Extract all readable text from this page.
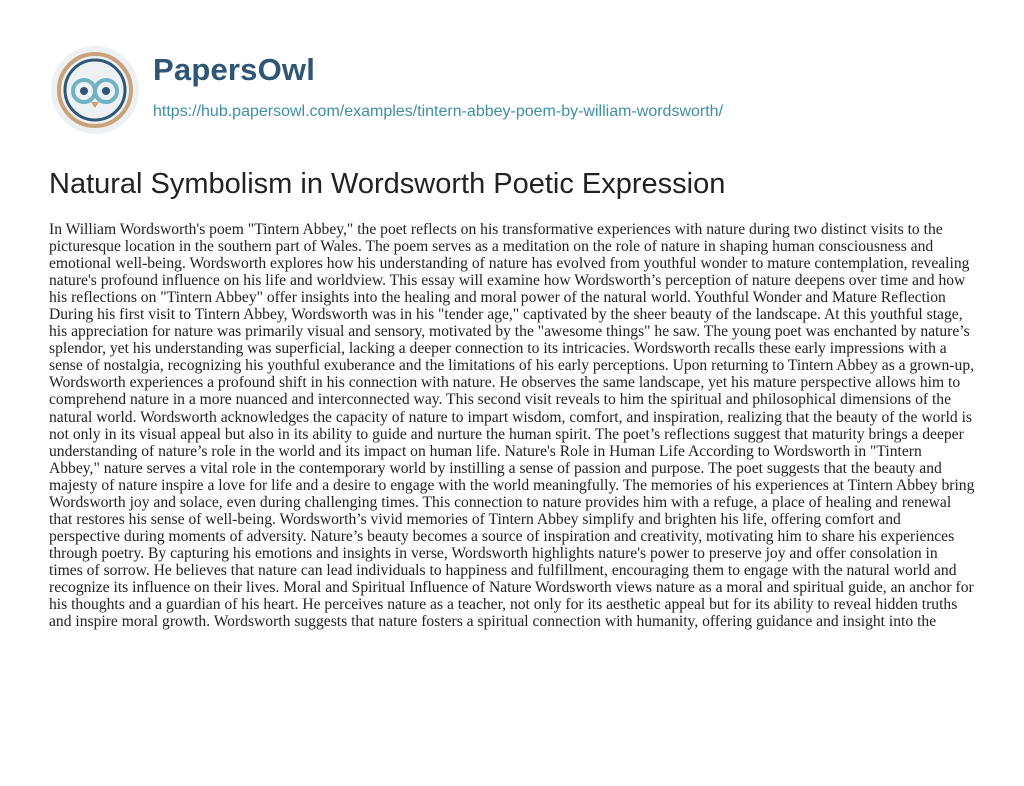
PapersOwl
https://hub.papersowl.com/examples/tintern-abbey-poem-by-william-wordsworth/
Natural Symbolism in Wordsworth Poetic Expression

In William Wordsworth's poem "Tintern Abbey," the poet reflects on his transformative experiences with nature during two distinct visits to the picturesque location in the southern part of Wales. The poem serves as a meditation on the role of nature in shaping human consciousness and emotional well-being. Wordsworth explores how his understanding of nature has evolved from youthful wonder to mature contemplation, revealing nature's profound influence on his life and worldview. This essay will examine how Wordsworth’s perception of nature deepens over time and how his reflections on "Tintern Abbey" offer insights into the healing and moral power of the natural world. Youthful Wonder and Mature Reflection During his first visit to Tintern Abbey, Wordsworth was in his "tender age," captivated by the sheer beauty of the landscape. At this youthful stage, his appreciation for nature was primarily visual and sensory, motivated by the "awesome things" he saw. The young poet was enchanted by nature’s splendor, yet his understanding was superficial, lacking a deeper connection to its intricacies. Wordsworth recalls these early impressions with a sense of nostalgia, recognizing his youthful exuberance and the limitations of his early perceptions. Upon returning to Tintern Abbey as a grown-up, Wordsworth experiences a profound shift in his connection with nature. He observes the same landscape, yet his mature perspective allows him to comprehend nature in a more nuanced and interconnected way. This second visit reveals to him the spiritual and philosophical dimensions of the natural world. Wordsworth acknowledges the capacity of nature to impart wisdom, comfort, and inspiration, realizing that the beauty of the world is not only in its visual appeal but also in its ability to guide and nurture the human spirit. The poet’s reflections suggest that maturity brings a deeper understanding of nature’s role in the world and its impact on human life. Nature's Role in Human Life According to Wordsworth in "Tintern Abbey," nature serves a vital role in the contemporary world by instilling a sense of passion and purpose. The poet suggests that the beauty and majesty of nature inspire a love for life and a desire to engage with the world meaningfully. The memories of his experiences at Tintern Abbey bring Wordsworth joy and solace, even during challenging times. This connection to nature provides him with a refuge, a place of healing and renewal that restores his sense of well-being. Wordsworth’s vivid memories of Tintern Abbey simplify and brighten his life, offering comfort and perspective during moments of adversity. Nature’s beauty becomes a source of inspiration and creativity, motivating him to share his experiences through poetry. By capturing his emotions and insights in verse, Wordsworth highlights nature's power to preserve joy and offer consolation in times of sorrow. He believes that nature can lead individuals to happiness and fulfillment, encouraging them to engage with the natural world and recognize its influence on their lives. Moral and Spiritual Influence of Nature Wordsworth views nature as a moral and spiritual guide, an anchor for his thoughts and a guardian of his heart. He perceives nature as a teacher, not only for its aesthetic appeal but for its ability to reveal hidden truths and inspire moral growth. Wordsworth suggests that nature fosters a spiritual connection with humanity, offering guidance and insight into the
